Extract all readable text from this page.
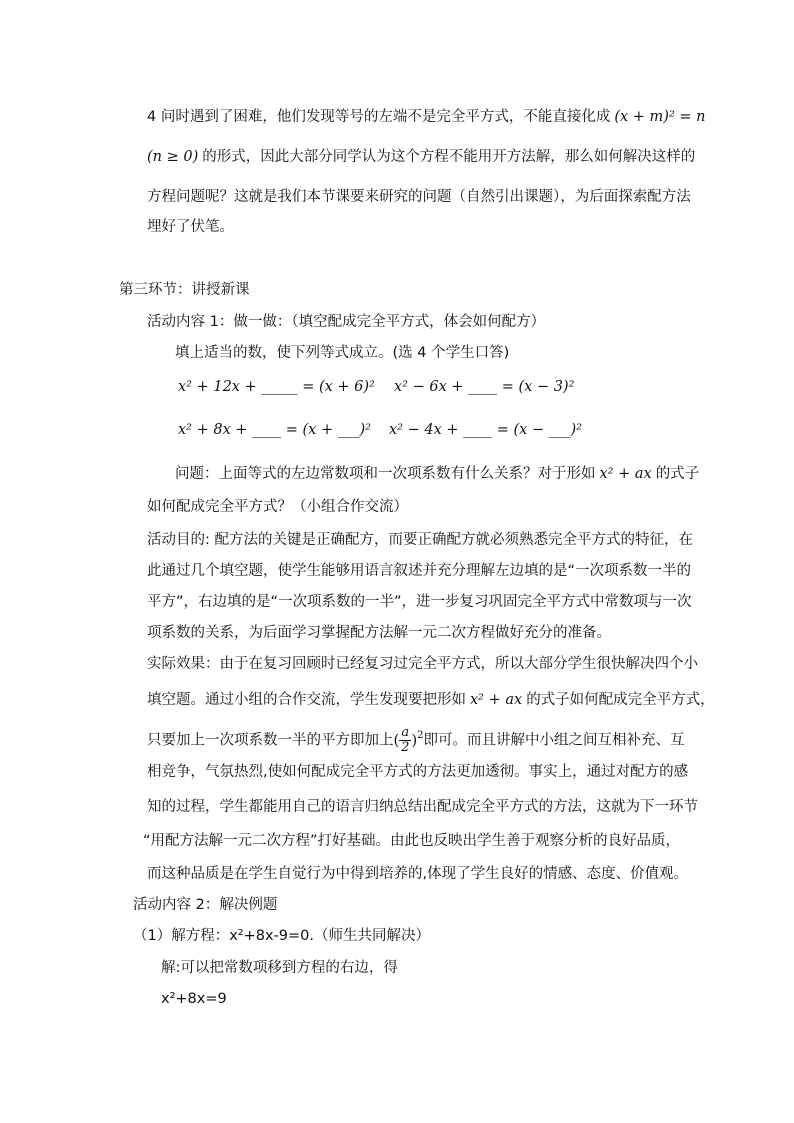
4 问时遇到了困难，他们发现等号的左端不是完全平方式，不能直接化成 (x + m)² = n
(n ≥ 0) 的形式，因此大部分同学认为这个方程不能用开方法解，那么如何解决这样的
方程问题呢？这就是我们本节课要来研究的问题（自然引出课题），为后面探索配方法
埋好了伏笔。
第三环节：讲授新课
活动内容 1：做一做：（填空配成完全平方式，体会如何配方）
填上适当的数，使下列等式成立。(选 4 个学生口答)
x² + 12x + _____ = (x + 6)² x² − 6x + ____ = (x − 3)²
x² + 8x + ____ = (x + ___)² x² − 4x + ____ = (x − ___)²
问题：上面等式的左边常数项和一次项系数有什么关系？对于形如 x² + ax 的式子
如何配成完全平方式？（小组合作交流）
活动目的: 配方法的关键是正确配方，而要正确配方就必须熟悉完全平方式的特征，在
此通过几个填空题，使学生能够用语言叙述并充分理解左边填的是“一次项系数一半的
平方”，右边填的是“一次项系数的一半”，进一步复习巩固完全平方式中常数项与一次
项系数的关系，为后面学习掌握配方法解一元二次方程做好充分的准备。
实际效果：由于在复习回顾时已经复习过完全平方式，所以大部分学生很快解决四个小
填空题。通过小组的合作交流，学生发现要把形如 x² + ax 的式子如何配成完全平方式，
只要加上一次项系数一半的平方即加上( $\frac{a}{2} )^2$即可。而且讲解中小组之间互相补充、互
相竞争，气氛热烈,使如何配成完全平方式的方法更加透彻。事实上，通过对配方的感
知的过程，学生都能用自己的语言归纳总结出配成完全平方式的方法，这就为下一环节
“用配方法解一元二次方程”打好基础。由此也反映出学生善于观察分析的良好品质，
而这种品质是在学生自觉行为中得到培养的,体现了学生良好的情感、态度、价值观。
活动内容 2：解决例题
（1）解方程：x²+8x-9=0.（师生共同解决）
解:可以把常数项移到方程的右边，得
x²+8x=9
